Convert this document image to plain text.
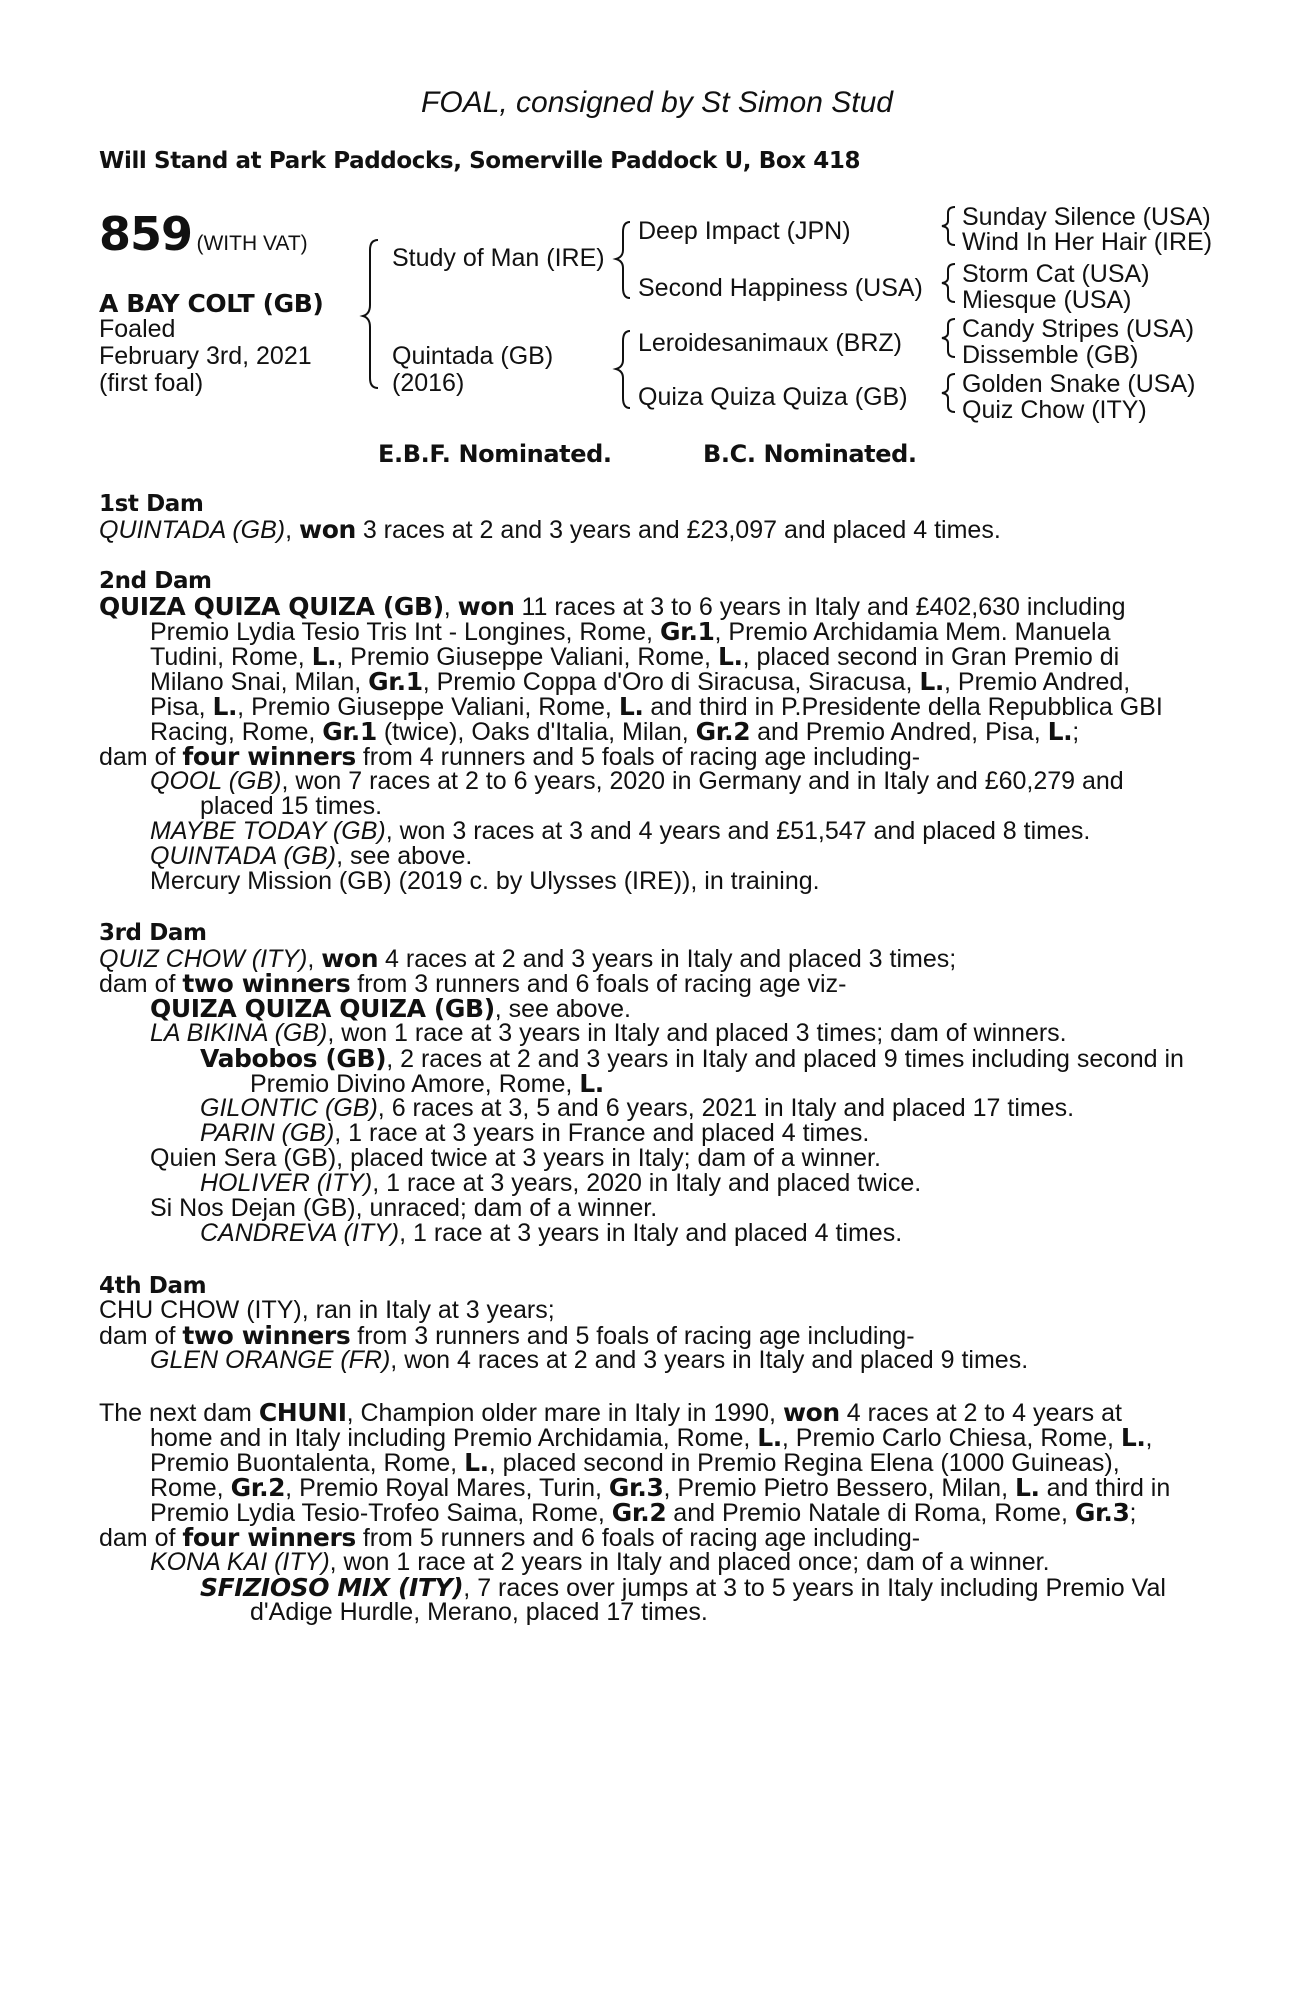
FOAL, consigned by St Simon Stud
Will Stand at Park Paddocks, Somerville Paddock U, Box 418
859 (WITH VAT)
A BAY COLT (GB)
Foaled
February 3rd, 2021
(first foal)
Study of Man (IRE)
Quintada (GB)
(2016)
Deep Impact (JPN)
Second Happiness (USA)
Leroidesanimaux (BRZ)
Quiza Quiza Quiza (GB)
Sunday Silence (USA)
Wind In Her Hair (IRE)
Storm Cat (USA)
Miesque (USA)
Candy Stripes (USA)
Dissemble (GB)
Golden Snake (USA)
Quiz Chow (ITY)
E.B.F. Nominated.	B.C. Nominated.
1st Dam
QUINTADA (GB), won 3 races at 2 and 3 years and £23,097 and placed 4 times.
2nd Dam
QUIZA QUIZA QUIZA (GB), won 11 races at 3 to 6 years in Italy and £402,630 including
Premio Lydia Tesio Tris Int - Longines, Rome, Gr.1, Premio Archidamia Mem. Manuela
Tudini, Rome, L., Premio Giuseppe Valiani, Rome, L., placed second in Gran Premio di
Milano Snai, Milan, Gr.1, Premio Coppa d'Oro di Siracusa, Siracusa, L., Premio Andred,
Pisa, L., Premio Giuseppe Valiani, Rome, L. and third in P.Presidente della Repubblica GBI
Racing, Rome, Gr.1 (twice), Oaks d'Italia, Milan, Gr.2 and Premio Andred, Pisa, L.;
dam of four winners from 4 runners and 5 foals of racing age including-
QOOL (GB), won 7 races at 2 to 6 years, 2020 in Germany and in Italy and £60,279 and
placed 15 times.
MAYBE TODAY (GB), won 3 races at 3 and 4 years and £51,547 and placed 8 times.
QUINTADA (GB), see above.
Mercury Mission (GB) (2019 c. by Ulysses (IRE)), in training.
3rd Dam
QUIZ CHOW (ITY), won 4 races at 2 and 3 years in Italy and placed 3 times;
dam of two winners from 3 runners and 6 foals of racing age viz-
QUIZA QUIZA QUIZA (GB), see above.
LA BIKINA (GB), won 1 race at 3 years in Italy and placed 3 times; dam of winners.
Vabobos (GB), 2 races at 2 and 3 years in Italy and placed 9 times including second in
Premio Divino Amore, Rome, L.
GILONTIC (GB), 6 races at 3, 5 and 6 years, 2021 in Italy and placed 17 times.
PARIN (GB), 1 race at 3 years in France and placed 4 times.
Quien Sera (GB), placed twice at 3 years in Italy; dam of a winner.
HOLIVER (ITY), 1 race at 3 years, 2020 in Italy and placed twice.
Si Nos Dejan (GB), unraced; dam of a winner.
CANDREVA (ITY), 1 race at 3 years in Italy and placed 4 times.
4th Dam
CHU CHOW (ITY), ran in Italy at 3 years;
dam of two winners from 3 runners and 5 foals of racing age including-
GLEN ORANGE (FR), won 4 races at 2 and 3 years in Italy and placed 9 times.
The next dam CHUNI, Champion older mare in Italy in 1990, won 4 races at 2 to 4 years at
home and in Italy including Premio Archidamia, Rome, L., Premio Carlo Chiesa, Rome, L.,
Premio Buontalenta, Rome, L., placed second in Premio Regina Elena (1000 Guineas),
Rome, Gr.2, Premio Royal Mares, Turin, Gr.3, Premio Pietro Bessero, Milan, L. and third in
Premio Lydia Tesio-Trofeo Saima, Rome, Gr.2 and Premio Natale di Roma, Rome, Gr.3;
dam of four winners from 5 runners and 6 foals of racing age including-
KONA KAI (ITY), won 1 race at 2 years in Italy and placed once; dam of a winner.
SFIZIOSO MIX (ITY), 7 races over jumps at 3 to 5 years in Italy including Premio Val
d'Adige Hurdle, Merano, placed 17 times.
